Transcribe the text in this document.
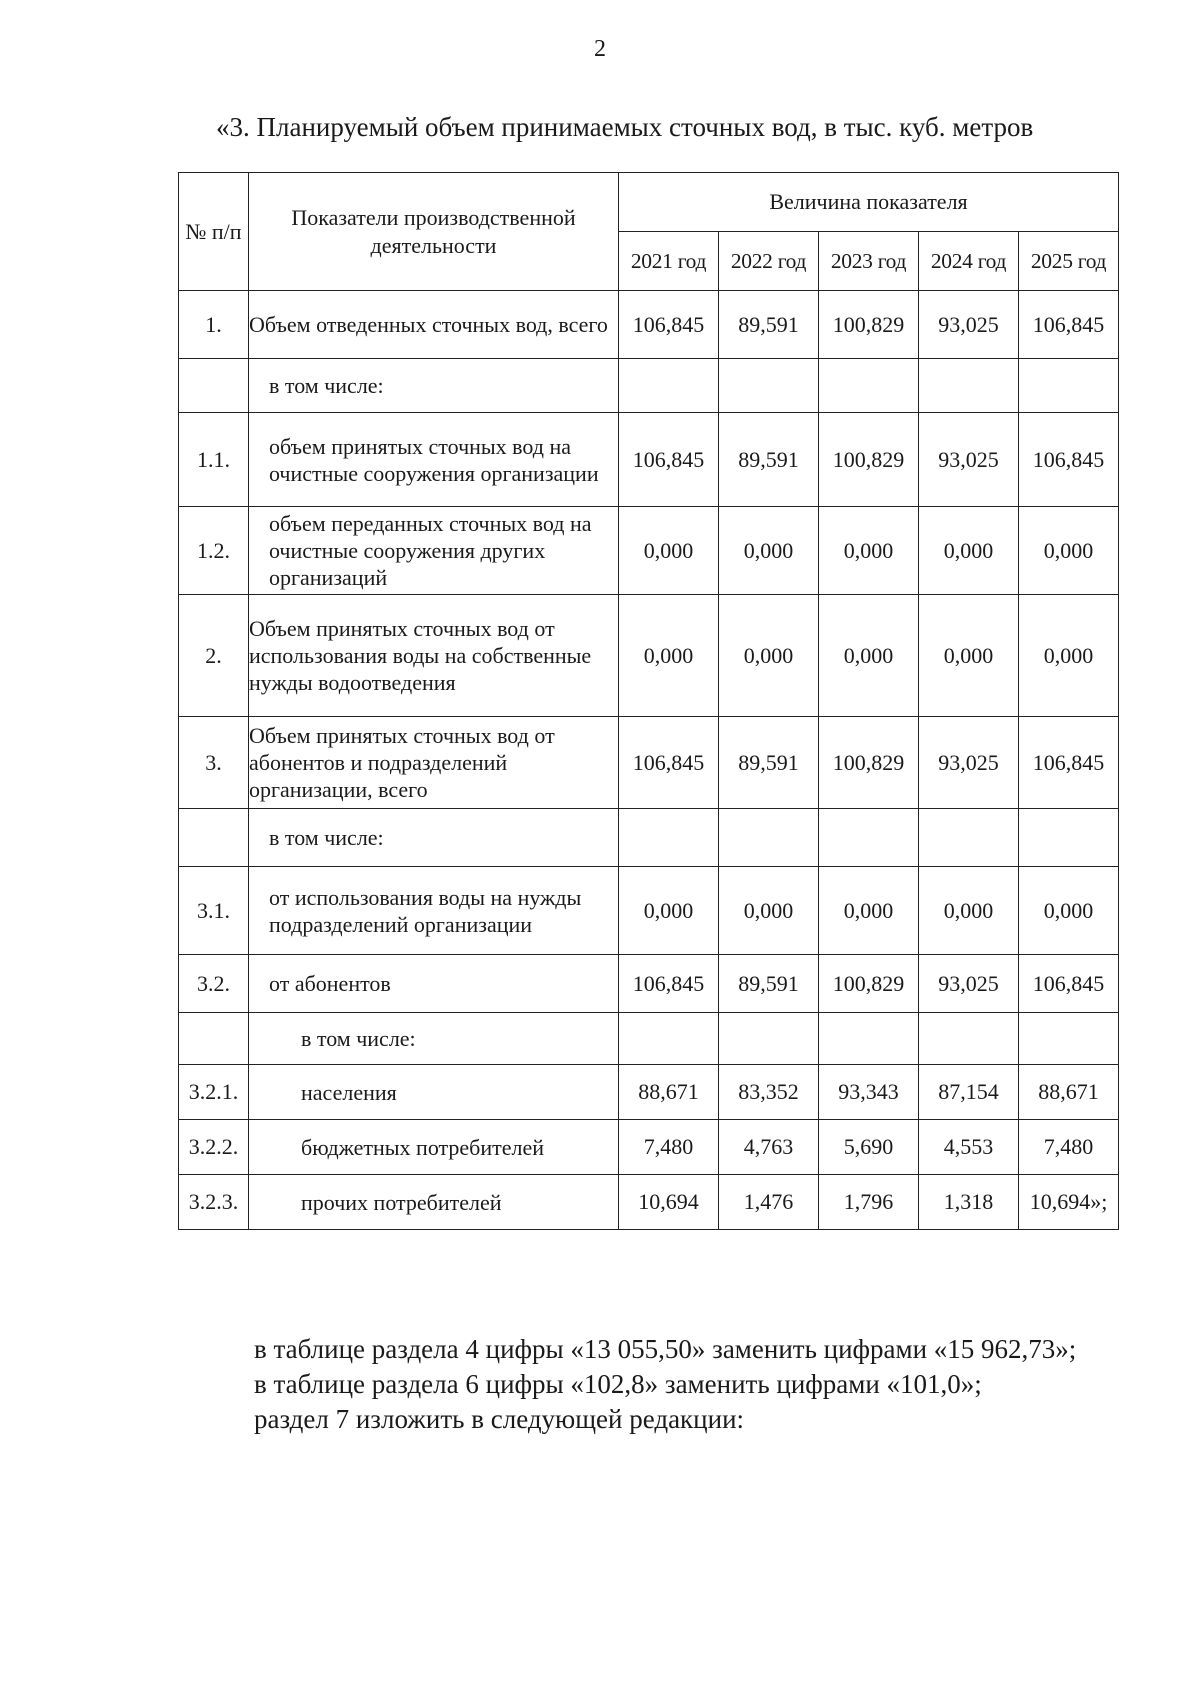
2
«3. Планируемый объем принимаемых сточных вод, в тыс. куб. метров
№ п/п	Показатели производственной деятельности	Величина показателя				
		2021 год	2022 год	2023 год	2024 год	2025 год
1.	Объем отведенных сточных вод, всего	106,845	89,591	100,829	93,025	106,845
	в том числе:					
1.1.	объем принятых сточных вод на очистные сооружения организации	106,845	89,591	100,829	93,025	106,845
1.2.	объем переданных сточных вод на очистные сооружения других организаций	0,000	0,000	0,000	0,000	0,000
2.	Объем принятых сточных вод от использования воды на собственные нужды водоотведения	0,000	0,000	0,000	0,000	0,000
3.	Объем принятых сточных вод от абонентов и подразделений организации, всего	106,845	89,591	100,829	93,025	106,845
	в том числе:					
3.1.	от использования воды на нужды подразделений организации	0,000	0,000	0,000	0,000	0,000
3.2.	от абонентов	106,845	89,591	100,829	93,025	106,845
	в том числе:					
3.2.1.	населения	88,671	83,352	93,343	87,154	88,671
3.2.2.	бюджетных потребителей	7,480	4,763	5,690	4,553	7,480
3.2.3.	прочих потребителей	10,694	1,476	1,796	1,318	10,694»;
в таблице раздела 4 цифры «13 055,50» заменить цифрами «15 962,73»;
в таблице раздела 6 цифры «102,8» заменить цифрами «101,0»;
раздел 7 изложить в следующей редакции:
